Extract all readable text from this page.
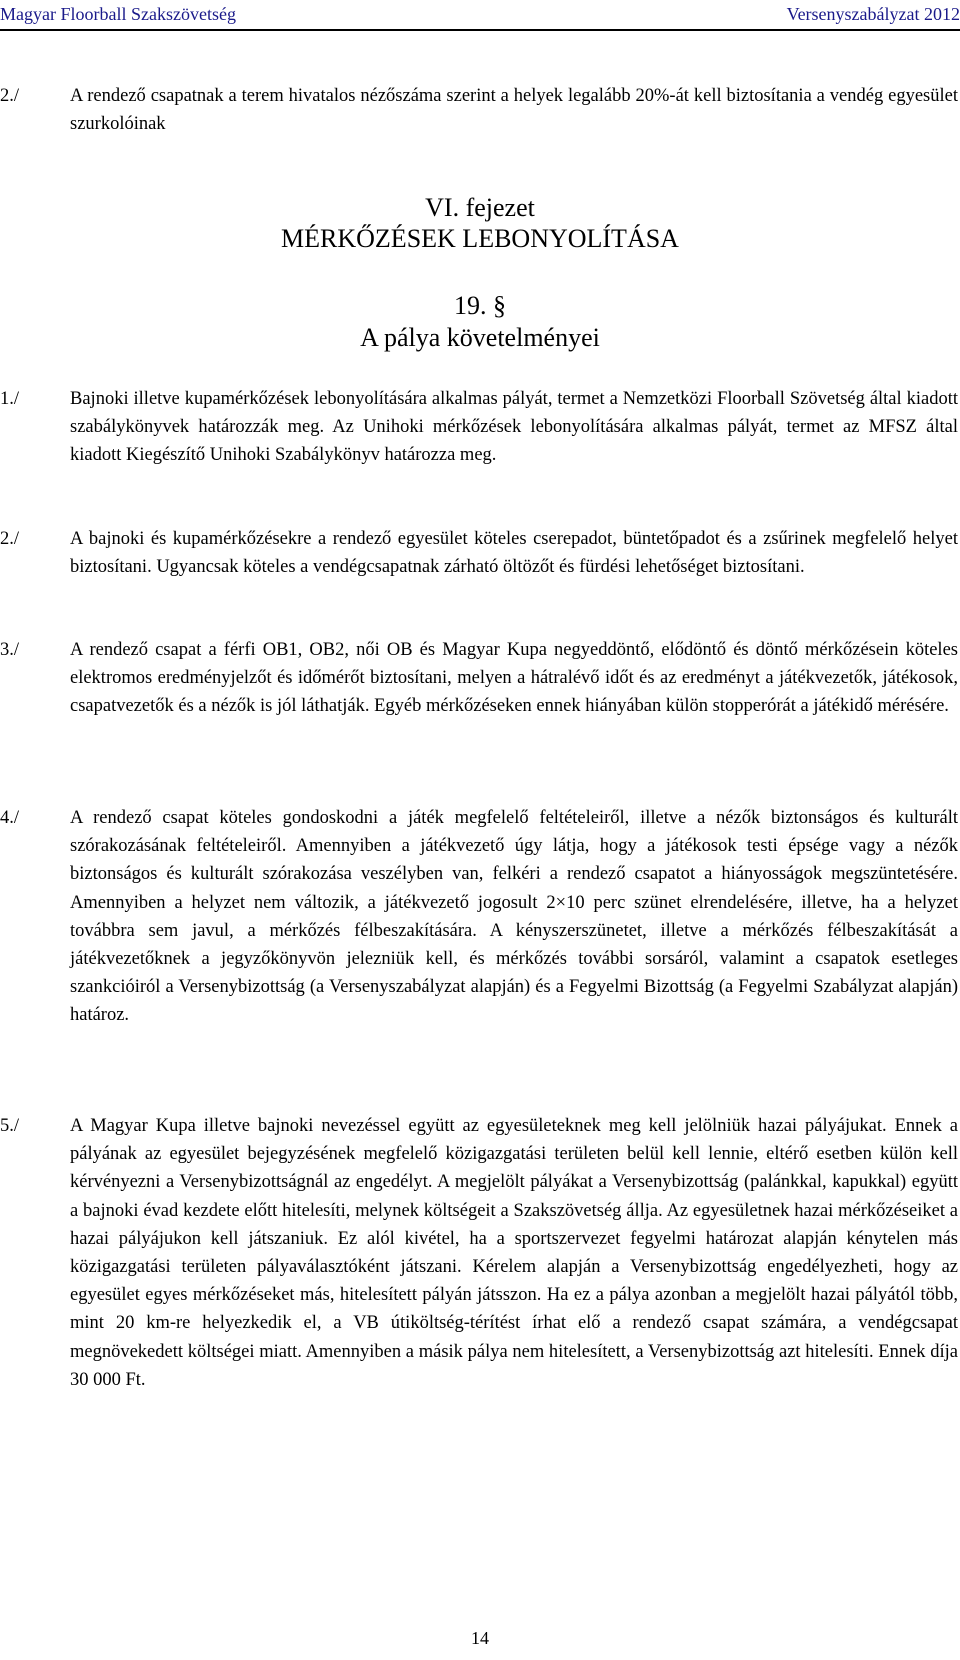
Magyar Floorball Szakszövetség	Versenyszabályzat 2012
2./	A rendező csapatnak a terem hivatalos nézőszáma szerint a helyek legalább 20%-át kell biztosítania a vendég egyesület szurkolóinak
VI. fejezet
MÉRKŐZÉSEK LEBONYOLÍTÁSA
19. §
A pálya követelményei
1./	Bajnoki illetve kupamérkőzések lebonyolítására alkalmas pályát, termet a Nemzetközi Floorball Szövetség által kiadott szabálykönyvek határozzák meg. Az Unihoki mérkőzések lebonyolítására alkalmas pályát, termet az MFSZ által kiadott Kiegészítő Unihoki Szabálykönyv határozza meg.
2./	A bajnoki és kupamérkőzésekre a rendező egyesület köteles cserepadot, büntetőpadot és a zsűrinek megfelelő helyet biztosítani. Ugyancsak köteles a vendégcsapatnak zárható öltözőt és fürdési lehetőséget biztosítani.
3./	A rendező csapat a férfi OB1, OB2, női OB és Magyar Kupa negyeddöntő, elődöntő és döntő mérkőzésein köteles elektromos eredményjelzőt és időmérőt biztosítani, melyen a hátralévő időt és az eredményt a játékvezetők, játékosok, csapatvezetők és a nézők is jól láthatják. Egyéb mérkőzéseken ennek hiányában külön stopperórát a játékidő mérésére.
4./	A rendező csapat köteles gondoskodni a játék megfelelő feltételeiről, illetve a nézők biztonságos és kulturált szórakozásának feltételeiről. Amennyiben a játékvezető úgy látja, hogy a játékosok testi épsége vagy a nézők biztonságos és kulturált szórakozása veszélyben van, felkéri a rendező csapatot a hiányosságok megszüntetésére. Amennyiben a helyzet nem változik, a játékvezető jogosult 2×10 perc szünet elrendelésére, illetve, ha a helyzet továbbra sem javul, a mérkőzés félbeszakítására. A kényszerszünetet, illetve a mérkőzés félbeszakítását a játékvezetőknek a jegyzőkönyvön jelezniük kell, és mérkőzés további sorsáról, valamint a csapatok esetleges szankcióiról a Versenybizottság (a Versenyszabályzat alapján) és a Fegyelmi Bizottság (a Fegyelmi Szabályzat alapján) határoz.
5./	A Magyar Kupa illetve bajnoki nevezéssel együtt az egyesületeknek meg kell jelölniük hazai pályájukat. Ennek a pályának az egyesület bejegyzésének megfelelő közigazgatási területen belül kell lennie, eltérő esetben külön kell kérvényezni a Versenybizottságnál az engedélyt. A megjelölt pályákat a Versenybizottság (palánkkal, kapukkal) együtt a bajnoki évad kezdete előtt hitelesíti, melynek költségeit a Szakszövetség állja. Az egyesületnek hazai mérkőzéseiket a hazai pályájukon kell játszaniuk. Ez alól kivétel, ha a sportszervezet fegyelmi határozat alapján kénytelen más közigazgatási területen pályaválasztóként játszani. Kérelem alapján a Versenybizottság engedélyezheti, hogy az egyesület egyes mérkőzéseket más, hitelesített pályán játsszon. Ha ez a pálya azonban a megjelölt hazai pályától több, mint 20 km-re helyezkedik el, a VB útiköltség-térítést írhat elő a rendező csapat számára, a vendégcsapat megnövekedett költségei miatt. Amennyiben a másik pálya nem hitelesített, a Versenybizottság azt hitelesíti. Ennek díja 30 000 Ft.
14
